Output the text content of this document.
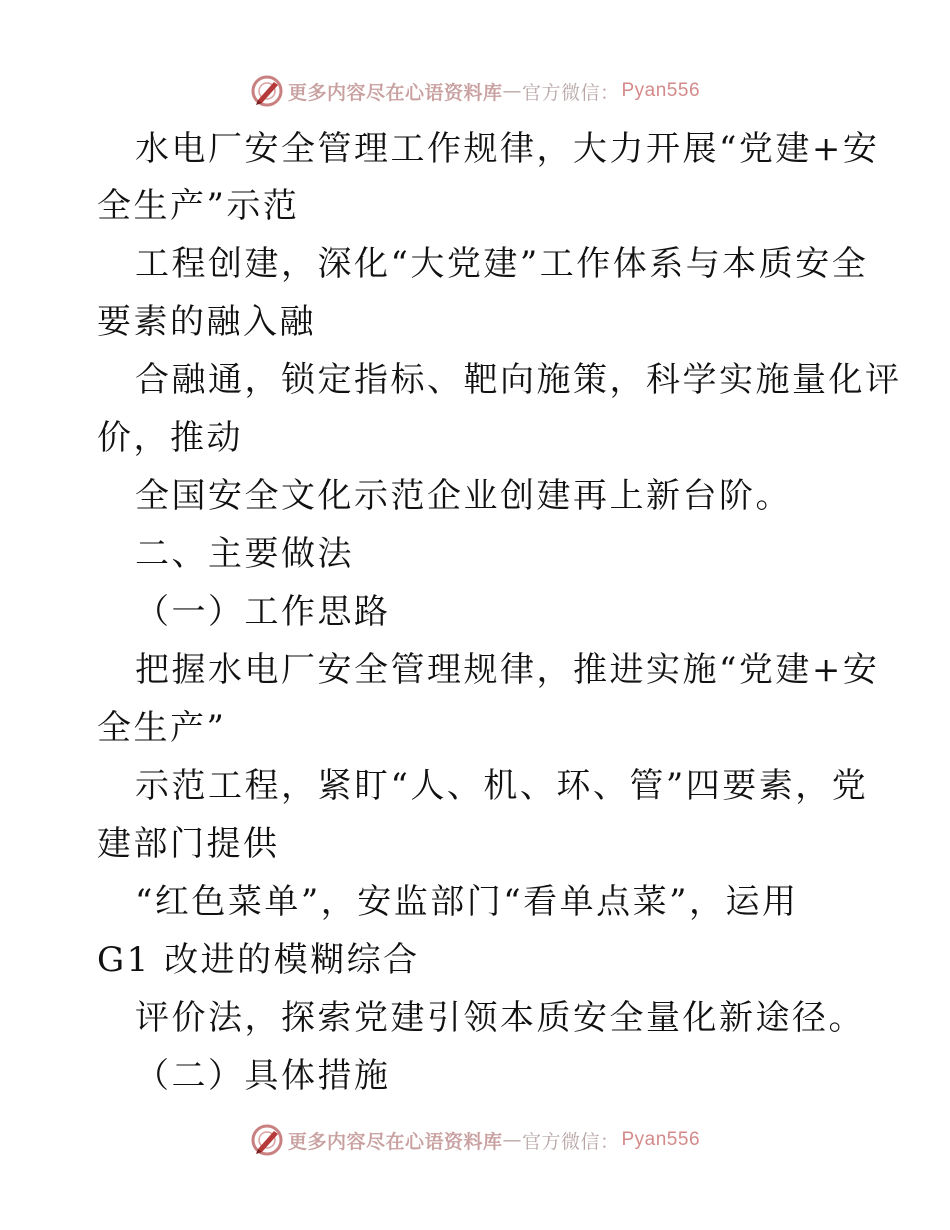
更多内容尽在心语资料库 — 官方微信： Pyan556
水电厂安全管理工作规律，大力开展“党建+安
全生产”示范
工程创建，深化“大党建”工作体系与本质安全
要素的融入融
合融通，锁定指标、靶向施策，科学实施量化评
价，推动
全国安全文化示范企业创建再上新台阶。
二、主要做法
（一）工作思路
把握水电厂安全管理规律，推进实施“党建+安
全生产”
示范工程，紧盯“人、机、环、管”四要素，党
建部门提供
“红色菜单”，安监部门“看单点菜”，运用
G1 改进的模糊综合
评价法，探索党建引领本质安全量化新途径。
（二）具体措施
更多内容尽在心语资料库 — 官方微信： Pyan556
